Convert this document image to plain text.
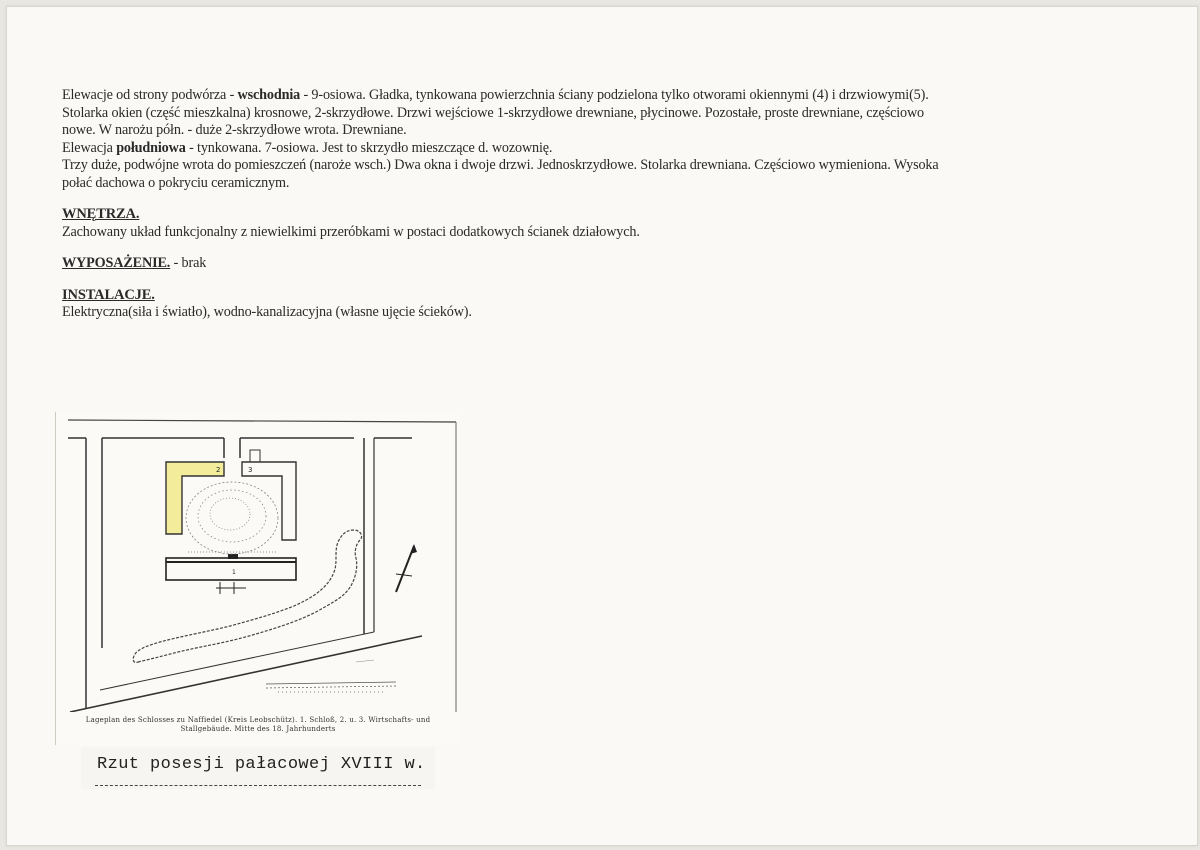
Elewacje od strony podwórza - wschodnia - 9-osiowa. Gładka, tynkowana powierzchnia ściany podzielona tylko otworami okiennymi (4) i drzwiowymi(5).
Stolarka okien (część mieszkalna) krosnowe, 2-skrzydłowe. Drzwi wejściowe 1-skrzydłowe drewniane, płycinowe. Pozostałe, proste drewniane, częściowo
nowe. W narożu półn. - duże 2-skrzydłowe wrota. Drewniane.

Elewacja południowa - tynkowana. 7-osiowa. Jest to skrzydło mieszczące d. wozownię.
Trzy duże, podwójne wrota do pomieszczeń (naroże wsch.) Dwa okna i dwoje drzwi. Jednoskrzydłowe. Stolarka drewniana. Częściowo wymieniona. Wysoka
połać dachowa o pokryciu ceramicznym.

WNĘTRZA.
Zachowany układ funkcjonalny z niewielkimi przeróbkami w postaci dodatkowych ścianek działowych.
WYPOSAŻENIE. - brak
INSTALACJE.
Elektryczna(siła i światło), wodno-kanalizacyjna (własne ujęcie ścieków).
2	3
1
Lageplan des Schlosses zu Naffiedel (Kreis Leobschütz). 1. Schloß, 2. u. 3. Wirtschafts- und
Stallgebäude. Mitte des 18. Jahrhunderts
Rzut posesji pałacowej XVIII w.
